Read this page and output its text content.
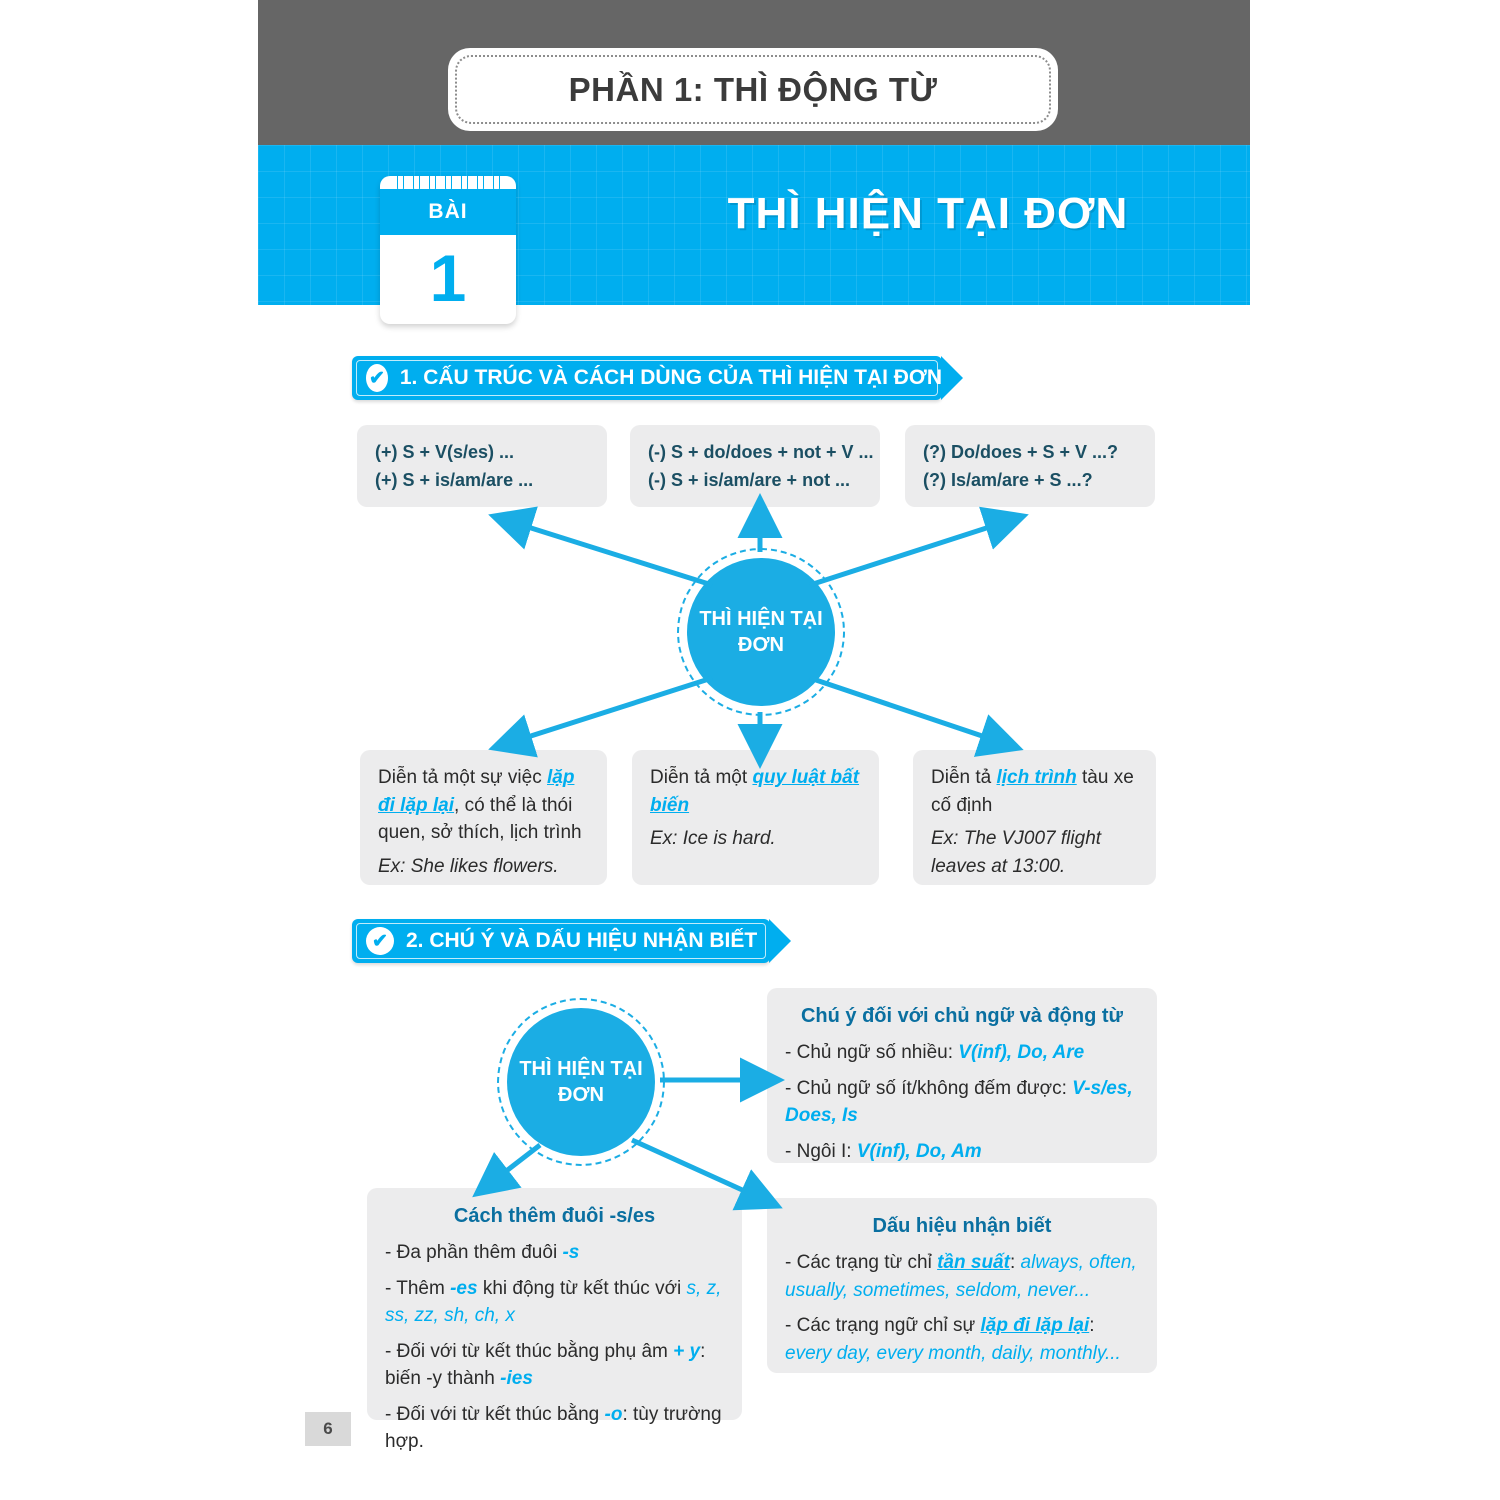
PHẦN 1: THÌ ĐỘNG TỪ
THÌ HIỆN TẠI ĐƠN
BÀI
1
✔ 1. CẤU TRÚC VÀ CÁCH DÙNG CỦA THÌ HIỆN TẠI ĐƠN
(+) S + V(s/es) ...
(+) S + is/am/are ...
(-) S + do/does + not + V ...
(-) S + is/am/are + not ...
(?) Do/does + S + V ...?
(?) Is/am/are + S ...?
THÌ HIỆN TẠI ĐƠN
Diễn tả một sự việc lặp đi lặp lại, có thể là thói quen, sở thích, lịch trình
Ex: She likes flowers.
Diễn tả một quy luật bất biến
Ex: Ice is hard.
Diễn tả lịch trình tàu xe cố định
Ex: The VJ007 flight leaves at 13:00.
✔ 2. CHÚ Ý VÀ DẤU HIỆU NHẬN BIẾT
THÌ HIỆN TẠI ĐƠN
Chú ý đối với chủ ngữ và động từ
- Chủ ngữ số nhiều: V(inf), Do, Are
- Chủ ngữ số ít/không đếm được: V-s/es, Does, Is
- Ngôi I: V(inf), Do, Am
Cách thêm đuôi -s/es
- Đa phần thêm đuôi -s
- Thêm -es khi động từ kết thúc với s, z, ss, zz, sh, ch, x
- Đối với từ kết thúc bằng phụ âm + y: biến -y thành -ies
- Đối với từ kết thúc bằng -o: tùy trường hợp.
Dấu hiệu nhận biết
- Các trạng từ chỉ tần suất: always, often, usually, sometimes, seldom, never...
- Các trạng ngữ chỉ sự lặp đi lặp lại: every day, every month, daily, monthly...
6
